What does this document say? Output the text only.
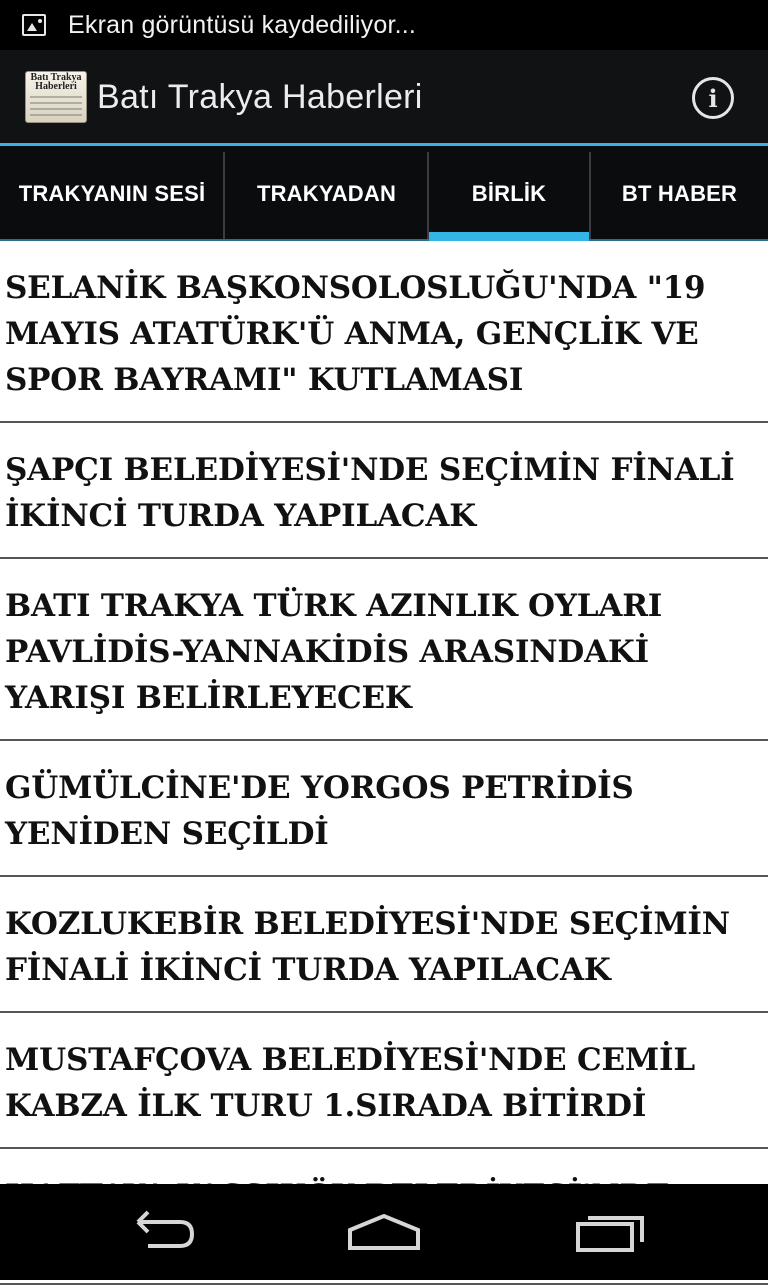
Ekran görüntüsü kaydediliyor...
Batı Trakya Haberleri Batı Trakya Haberleri	i
TRAKYANIN SESİ TRAKYADAN	BİRLİK	BT HABER

SELANİK BAŞKONSOLOSLUĞU'NDA "19 MAYIS ATATÜRK'Ü ANMA, GENÇLİK VE SPOR BAYRAMI" KUTLAMASI

ŞAPÇI BELEDİYESİ'NDE SEÇİMİN FİNALİ İKİNCİ TURDA YAPILACAK

BATI TRAKYA TÜRK AZINLIK OYLARI PAVLİDİS-YANNAKİDİS ARASINDAKİ YARIŞI BELİRLEYECEK

GÜMÜLCİNE'DE YORGOS PETRİDİS YENİDEN SEÇİLDİ

KOZLUKEBİR BELEDİYESİ'NDE SEÇİMİN FİNALİ İKİNCİ TURDA YAPILACAK

MUSTAFÇOVA BELEDİYESİ'NDE CEMİL KABZA İLK TURU 1.SIRADA BİTİRDİ
